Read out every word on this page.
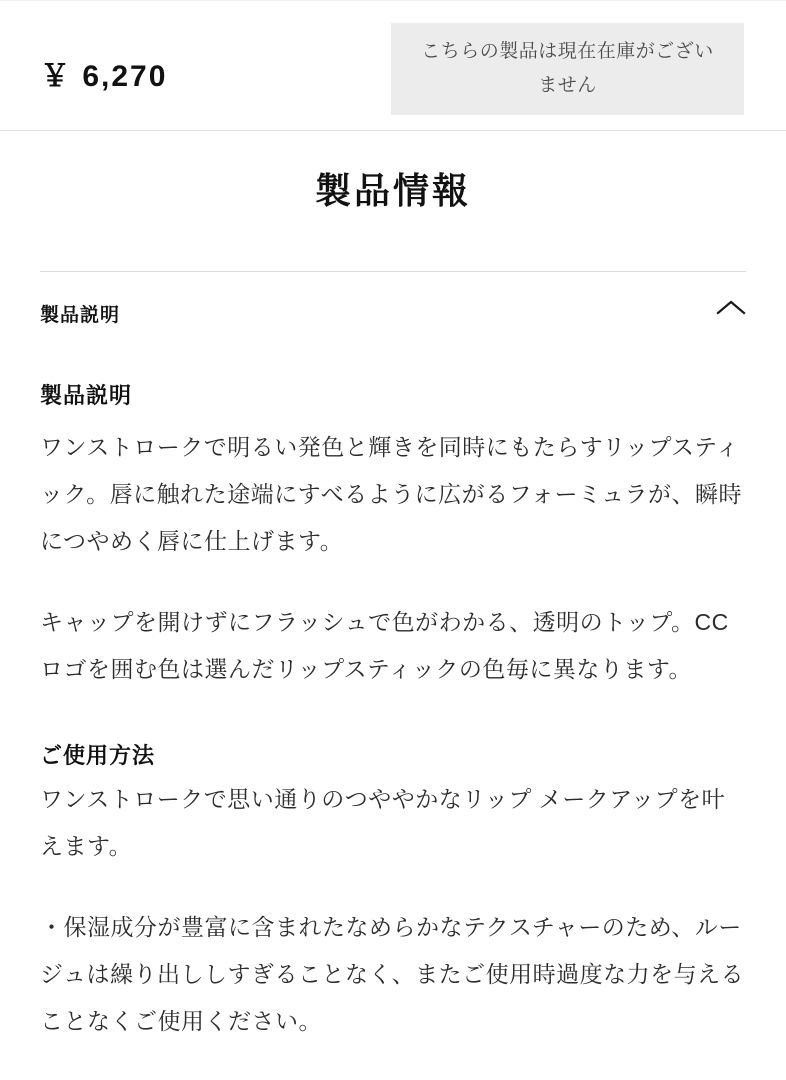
￥ 6,270
こちらの製品は現在在庫がございません
製品情報
製品説明
製品説明

ワンストロークで明るい発色と輝きを同時にもたらすリップスティック。唇に触れた途端にすべるように広がるフォーミュラが、瞬時につやめく唇に仕上げます。

キャップを開けずにフラッシュで色がわかる、透明のトップ。CCロゴを囲む色は選んだリップスティックの色毎に異なります。

ご使用方法

ワンストロークで思い通りのつややかなリップ メークアップを叶えます。

・保湿成分が豊富に含まれたなめらかなテクスチャーのため、ルージュは繰り出ししすぎることなく、またご使用時過度な力を与えることなくご使用ください。
